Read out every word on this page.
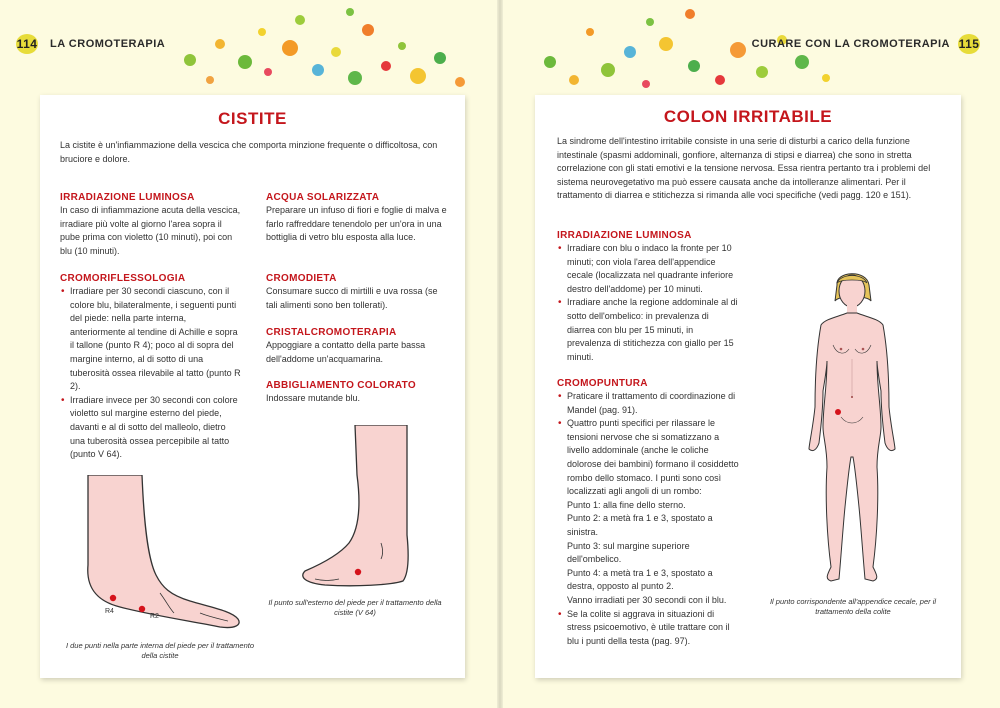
114 LA CROMOTERAPIA	CURARE CON LA CROMOTERAPIA 115
CISTITE

La cistite è un'infiammazione della vescica che comporta minzione frequente o difficoltosa, con bruciore e dolore.

IRRADIAZIONE LUMINOSA

In caso di infiammazione acuta della vescica, irradiare più volte al giorno l'area sopra il pube prima con violetto (10 minuti), poi con blu (10 minuti).

CROMORIFLESSOLOGIA
• Irradiare per 30 secondi ciascuno, con il colore blu, bilateralmente, i seguenti punti del piede: nella parte interna, anteriormente al tendine di Achille e sopra il tallone (punto R 4); poco al di sopra del margine interno, al di sotto di una tuberosità ossea rilevabile al tatto (punto R 2).
• Irradiare invece per 30 secondi con colore violetto sul margine esterno del piede, davanti e al di sotto del malleolo, dietro una tuberosità ossea percepibile al tatto (punto V 64).
ACQUA SOLARIZZATA

Preparare un infuso di fiori e foglie di malva e farlo raffreddare tenendolo per un'ora in una bottiglia di vetro blu esposta alla luce.

CROMODIETA

Consumare succo di mirtilli e uva rossa (se tali alimenti sono ben tollerati).

CRISTALCROMOTERAPIA

Appoggiare a contatto della parte bassa dell'addome un'acquamarina.

ABBIGLIAMENTO COLORATO

Indossare mutande blu.

R4
R2

I due punti nella parte interna del piede per il trattamento della cistite

Il punto sull'esterno del piede per il trattamento della cistite (V 64)

COLON IRRITABILE

La sindrome dell'intestino irritabile consiste in una serie di disturbi a carico della funzione intestinale (spasmi addominali, gonfiore, alternanza di stipsi e diarrea) che sono in stretta correlazione con gli stati emotivi e la tensione nervosa. Essa rientra pertanto tra i problemi del sistema neurovegetativo ma può essere causata anche da intolleranze alimentari. Per il trattamento di diarrea e stitichezza si rimanda alle voci specifiche (vedi pagg. 120 e 151).

IRRADIAZIONE LUMINOSA
• Irradiare con blu o indaco la fronte per 10 minuti; con viola l'area dell'appendice cecale (localizzata nel quadrante inferiore destro dell'addome) per 10 minuti.
• Irradiare anche la regione addominale al di sotto dell'ombelico: in prevalenza di diarrea con blu per 15 minuti, in prevalenza di stitichezza con giallo per 15 minuti.
CROMOPUNTURA
• Praticare il trattamento di coordinazione di Mandel (pag. 91).
• Quattro punti specifici per rilassare le tensioni nervose che si somatizzano a livello addominale (anche le coliche dolorose dei bambini) formano il cosiddetto rombo dello stomaco. I punti sono così localizzati agli angoli di un rombo:
Punto 1: alla fine dello sterno.
Punto 2: a metà fra 1 e 3, spostato a sinistra.
Punto 3: sul margine superiore dell'ombelico.
Punto 4: a metà tra 1 e 3, spostato a destra, opposto al punto 2.
Vanno irradiati per 30 secondi con il blu.
• Se la colite si aggrava in situazioni di stress psicoemotivo, è utile trattare con il blu i punti della testa (pag. 97).

Il punto corrispondente all'appendice cecale, per il trattamento della colite
